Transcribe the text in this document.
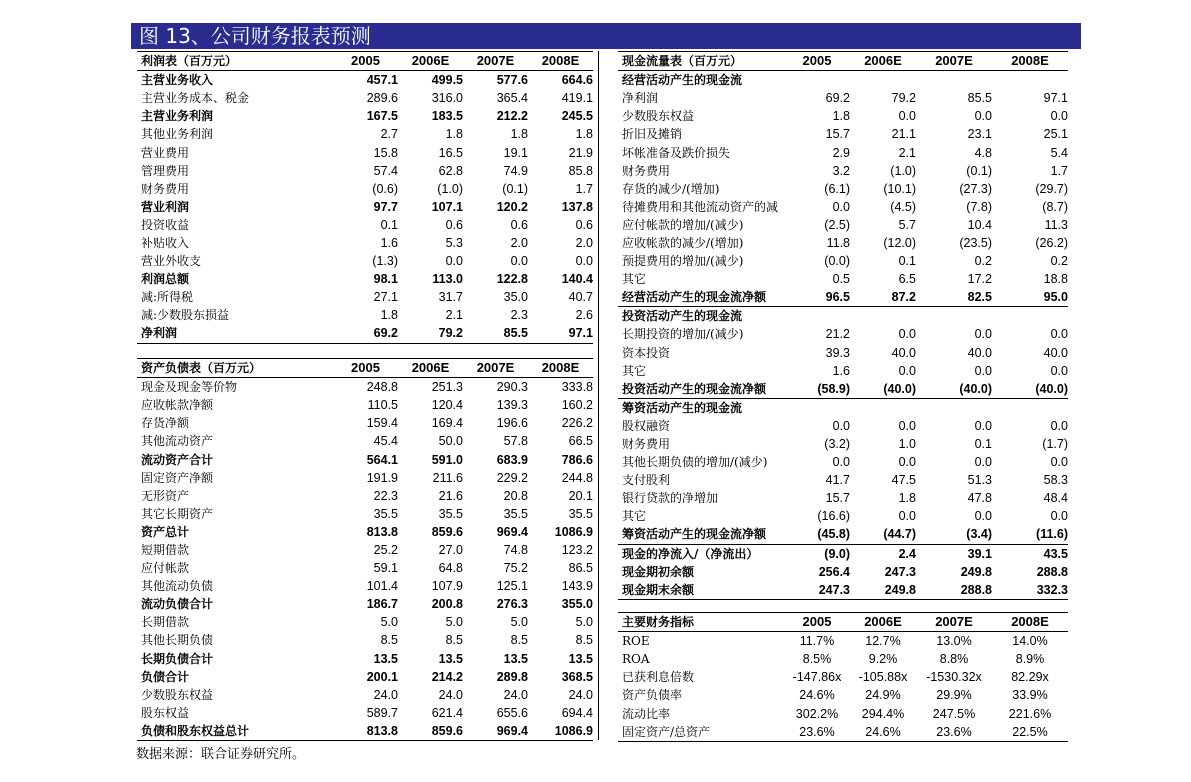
图 13、公司财务报表预测
利润表（百万元）	2005	2006E	2007E	2008E
主营业务收入	457.1	499.5	577.6	664.6
主营业务成本、税金	289.6	316.0	365.4	419.1
主营业务利润	167.5	183.5	212.2	245.5
其他业务利润	2.7	1.8	1.8	1.8
营业费用	15.8	16.5	19.1	21.9
管理费用	57.4	62.8	74.9	85.8
财务费用	(0.6)	(1.0)	(0.1)	1.7
营业利润	97.7	107.1	120.2	137.8
投资收益	0.1	0.6	0.6	0.6
补贴收入	1.6	5.3	2.0	2.0
营业外收支	(1.3)	0.0	0.0	0.0
利润总额	98.1	113.0	122.8	140.4
减:所得税	27.1	31.7	35.0	40.7
减:少数股东损益	1.8	2.1	2.3	2.6
净利润	69.2	79.2	85.5	97.1
资产负债表（百万元）	2005	2006E	2007E	2008E
现金及现金等价物	248.8	251.3	290.3	333.8
应收帐款净额	110.5	120.4	139.3	160.2
存货净额	159.4	169.4	196.6	226.2
其他流动资产	45.4	50.0	57.8	66.5
流动资产合计	564.1	591.0	683.9	786.6
固定资产净额	191.9	211.6	229.2	244.8
无形资产	22.3	21.6	20.8	20.1
其它长期资产	35.5	35.5	35.5	35.5
资产总计	813.8	859.6	969.4	1086.9
短期借款	25.2	27.0	74.8	123.2
应付帐款	59.1	64.8	75.2	86.5
其他流动负债	101.4	107.9	125.1	143.9
流动负债合计	186.7	200.8	276.3	355.0
长期借款	5.0	5.0	5.0	5.0
其他长期负债	8.5	8.5	8.5	8.5
长期负债合计	13.5	13.5	13.5	13.5
负债合计	200.1	214.2	289.8	368.5
少数股东权益	24.0	24.0	24.0	24.0
股东权益	589.7	621.4	655.6	694.4
负债和股东权益总计	813.8	859.6	969.4	1086.9
现金流量表（百万元）	2005	2006E	2007E	2008E
经营活动产生的现金流				
净利润	69.2	79.2	85.5	97.1
少数股东权益	1.8	0.0	0.0	0.0
折旧及摊销	15.7	21.1	23.1	25.1
坏帐准备及跌价损失	2.9	2.1	4.8	5.4
财务费用	3.2	(1.0)	(0.1)	1.7
存货的减少/(增加)	(6.1)	(10.1)	(27.3)	(29.7)
待摊费用和其他流动资产的减	0.0	(4.5)	(7.8)	(8.7)
应付帐款的增加/(减少)	(2.5)	5.7	10.4	11.3
应收帐款的减少/(增加)	11.8	(12.0)	(23.5)	(26.2)
预提费用的增加/(减少)	(0.0)	0.1	0.2	0.2
其它	0.5	6.5	17.2	18.8
经营活动产生的现金流净额	96.5	87.2	82.5	95.0
投资活动产生的现金流				
长期投资的增加/(减少)	21.2	0.0	0.0	0.0
资本投资	39.3	40.0	40.0	40.0
其它	1.6	0.0	0.0	0.0
投资活动产生的现金流净额	(58.9)	(40.0)	(40.0)	(40.0)
筹资活动产生的现金流				
股权融资	0.0	0.0	0.0	0.0
财务费用	(3.2)	1.0	0.1	(1.7)
其他长期负债的增加/(减少)	0.0	0.0	0.0	0.0
支付股利	41.7	47.5	51.3	58.3
银行贷款的净增加	15.7	1.8	47.8	48.4
其它	(16.6)	0.0	0.0	0.0
筹资活动产生的现金流净额	(45.8)	(44.7)	(3.4)	(11.6)
现金的净流入/（净流出）	(9.0)	2.4	39.1	43.5
现金期初余额	256.4	247.3	249.8	288.8
现金期末余额	247.3	249.8	288.8	332.3
主要财务指标	2005	2006E	2007E	2008E
ROE	11.7%	12.7%	13.0%	14.0%
ROA	8.5%	9.2%	8.8%	8.9%
已获利息倍数	-147.86x	-105.88x	-1530.32x	82.29x
资产负债率	24.6%	24.9%	29.9%	33.9%
流动比率	302.2%	294.4%	247.5%	221.6%
固定资产/总资产	23.6%	24.6%	23.6%	22.5%
数据来源：联合证券研究所。
